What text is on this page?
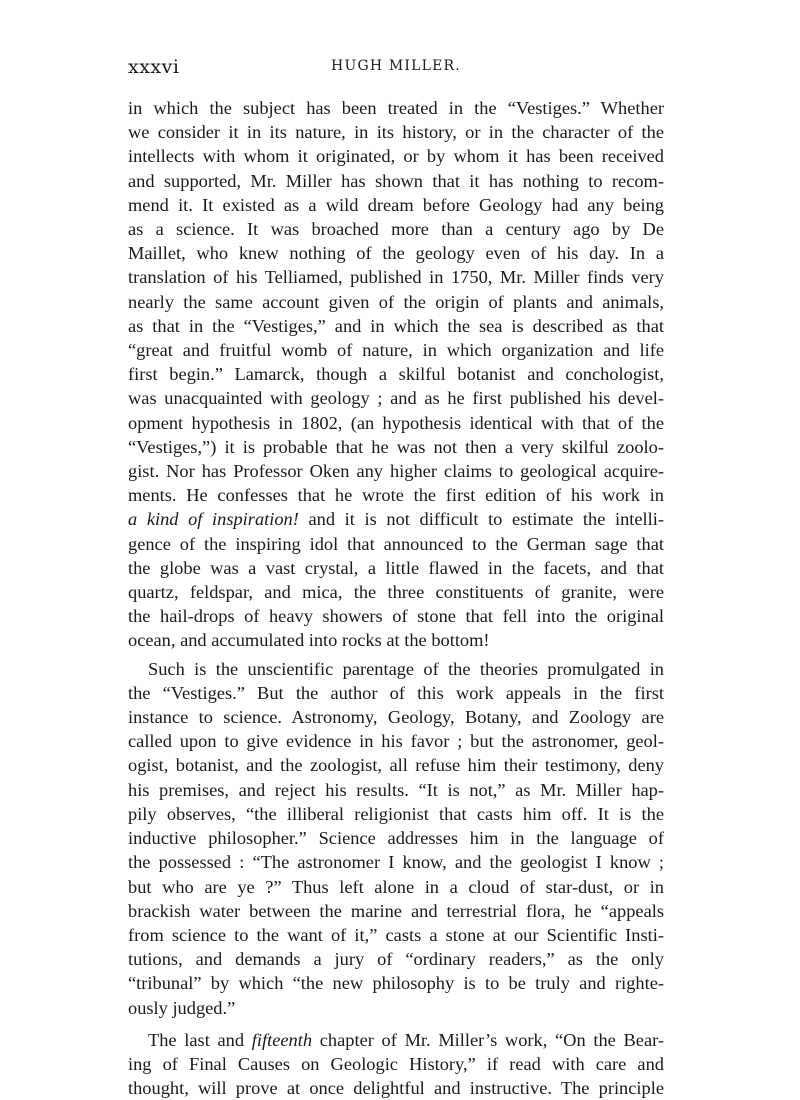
xxxvi	HUGH MILLER.

in which the subject has been treated in the “Vestiges.” Whether
we consider it in its nature, in its history, or in the character of the
intellects with whom it originated, or by whom it has been received
and supported, Mr. Miller has shown that it has nothing to recom-
mend it. It existed as a wild dream before Geology had any being
as a science. It was broached more than a century ago by De
Maillet, who knew nothing of the geology even of his day. In a
translation of his Telliamed, published in 1750, Mr. Miller finds very
nearly the same account given of the origin of plants and animals,
as that in the “Vestiges,” and in which the sea is described as that
“great and fruitful womb of nature, in which organization and life
first begin.” Lamarck, though a skilful botanist and conchologist,
was unacquainted with geology ; and as he first published his devel-
opment hypothesis in 1802, (an hypothesis identical with that of the
“Vestiges,”) it is probable that he was not then a very skilful zoolo-
gist. Nor has Professor Oken any higher claims to geological acquire-
ments. He confesses that he wrote the first edition of his work in
a kind of inspiration! and it is not difficult to estimate the intelli-
gence of the inspiring idol that announced to the German sage that
the globe was a vast crystal, a little flawed in the facets, and that
quartz, feldspar, and mica, the three constituents of granite, were
the hail-drops of heavy showers of stone that fell into the original
ocean, and accumulated into rocks at the bottom!

Such is the unscientific parentage of the theories promulgated in
the “Vestiges.” But the author of this work appeals in the first
instance to science. Astronomy, Geology, Botany, and Zoology are
called upon to give evidence in his favor ; but the astronomer, geol-
ogist, botanist, and the zoologist, all refuse him their testimony, deny
his premises, and reject his results. “It is not,” as Mr. Miller hap-
pily observes, “the illiberal religionist that casts him off. It is the
inductive philosopher.” Science addresses him in the language of
the possessed : “The astronomer I know, and the geologist I know ;
but who are ye ?” Thus left alone in a cloud of star-dust, or in
brackish water between the marine and terrestrial flora, he “appeals
from science to the want of it,” casts a stone at our Scientific Insti-
tutions, and demands a jury of “ordinary readers,” as the only
“tribunal” by which “the new philosophy is to be truly and righte-
ously judged.”

The last and fifteenth chapter of Mr. Miller’s work, “On the Bear-
ing of Final Causes on Geologic History,” if read with care and
thought, will prove at once delightful and instructive. The principle
